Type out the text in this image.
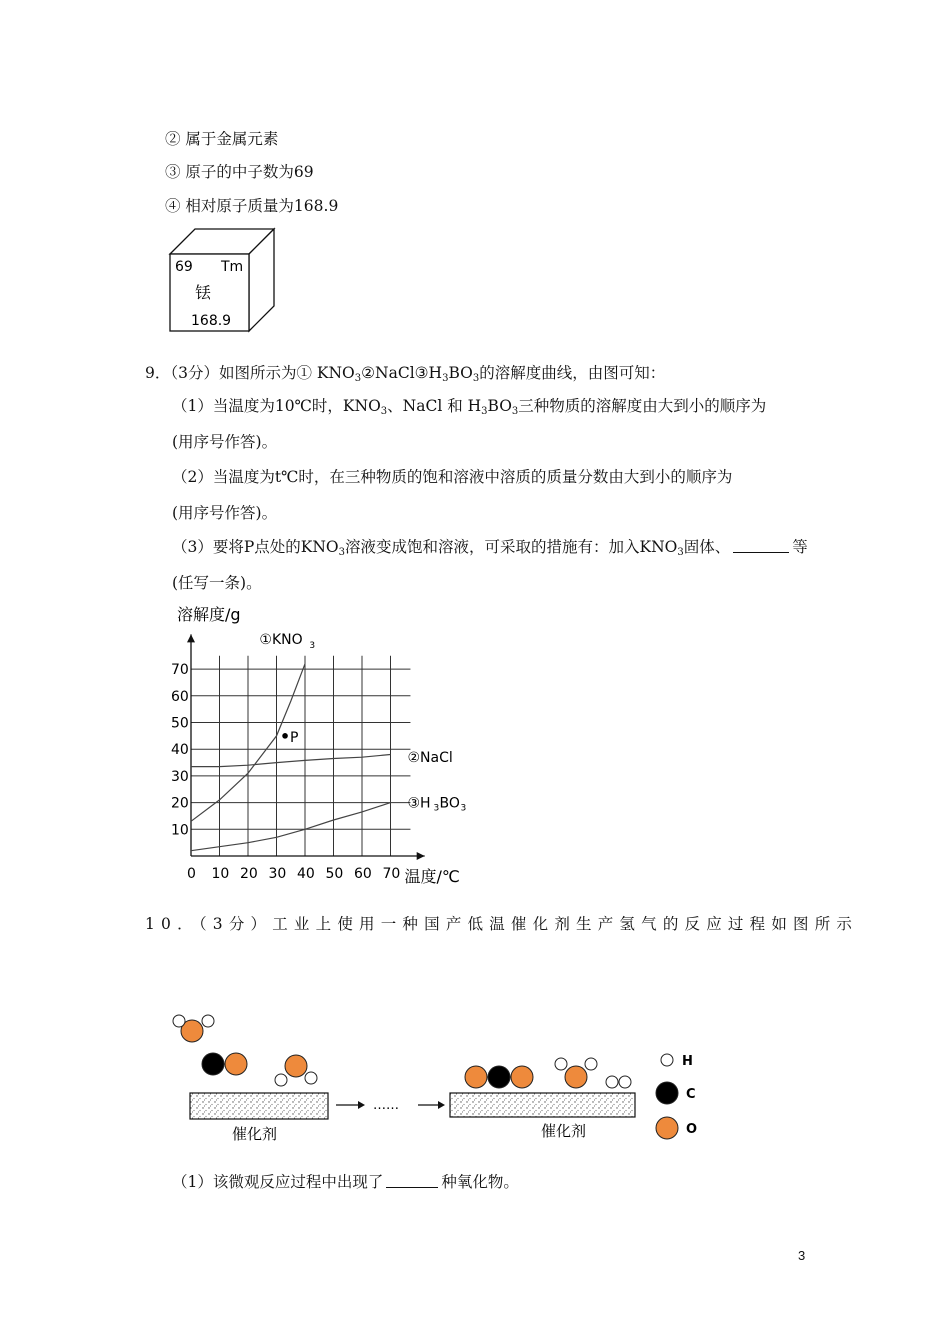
② 属于金属元素
③ 原子的中子数为69
④ 相对原子质量为168.9
69 Tm
铥
168.9
9．（3分）如图所示为① $KNO_3②NaCl③H_3BO_3$的溶解度曲线，由图可知：
（1）当温度为10℃时，$KNO_3$、NaCl 和 $H_3BO_3$三种物质的溶解度由大到小的顺序为
(用序号作答)。
（2）当温度为t℃时，在三种物质的饱和溶液中溶质的质量分数由大到小的顺序为
(用序号作答)。
（3）要将P点处的$KNO_3$溶液变成饱和溶液，可采取的措施有：加入$KNO_3$固体、	等
(任写一条)。
0 10 20 30 40 50 60 70
10
20
30
40
50
60
70
溶解度/g
温度/℃
P
①KNO 3
②NaCl
③H 3 BO 3
10．（3分）工业上使用一种国产低温催化剂生产氢气的反应过程如图所示
催化剂
……
催化剂
H
C
O
（1）该微观反应过程中出现了	种氧化物。
3
